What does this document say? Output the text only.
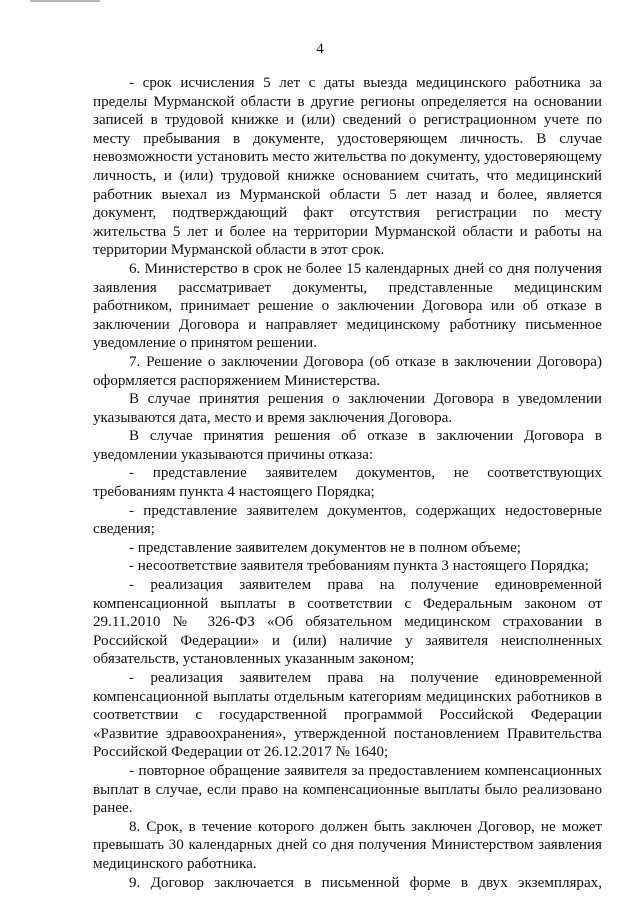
4

- срок исчисления 5 лет с даты выезда медицинского работника за пределы Мурманской области в другие регионы определяется на основании записей в трудовой книжке и (или) сведений о регистрационном учете по месту пребывания в документе, удостоверяющем личность. В случае невозможности установить место жительства по документу, удостоверяющему личность, и (или) трудовой книжке основанием считать, что медицинский работник выехал из Мурманской области 5 лет назад и более, является документ, подтверждающий факт отсутствия регистрации по месту жительства 5 лет и более на территории Мурманской области и работы на территории Мурманской области в этот срок.

6. Министерство в срок не более 15 календарных дней со дня получения заявления рассматривает документы, представленные медицинским работником, принимает решение о заключении Договора или об отказе в заключении Договора и направляет медицинскому работнику письменное уведомление о принятом решении.

7. Решение о заключении Договора (об отказе в заключении Договора) оформляется распоряжением Министерства.

В случае принятия решения о заключении Договора в уведомлении указываются дата, место и время заключения Договора.

В случае принятия решения об отказе в заключении Договора в уведомлении указываются причины отказа:

- представление заявителем документов, не соответствующих требованиям пункта 4 настоящего Порядка;

- представление заявителем документов, содержащих недостоверные сведения;

- представление заявителем документов не в полном объеме;

- несоответствие заявителя требованиям пункта 3 настоящего Порядка;

- реализация заявителем права на получение единовременной компенсационной выплаты в соответствии с Федеральным законом от 29.11.2010 № 326-ФЗ «Об обязательном медицинском страховании в Российской Федерации» и (или) наличие у заявителя неисполненных обязательств, установленных указанным законом;

- реализация заявителем права на получение единовременной компенсационной выплаты отдельным категориям медицинских работников в соответствии с государственной программой Российской Федерации «Развитие здравоохранения», утвержденной постановлением Правительства Российской Федерации от 26.12.2017 № 1640;

- повторное обращение заявителя за предоставлением компенсационных выплат в случае, если право на компенсационные выплаты было реализовано ранее.

8. Срок, в течение которого должен быть заключен Договор, не может превышать 30 календарных дней со дня получения Министерством заявления медицинского работника.

9. Договор заключается в письменной форме в двух экземплярах,
